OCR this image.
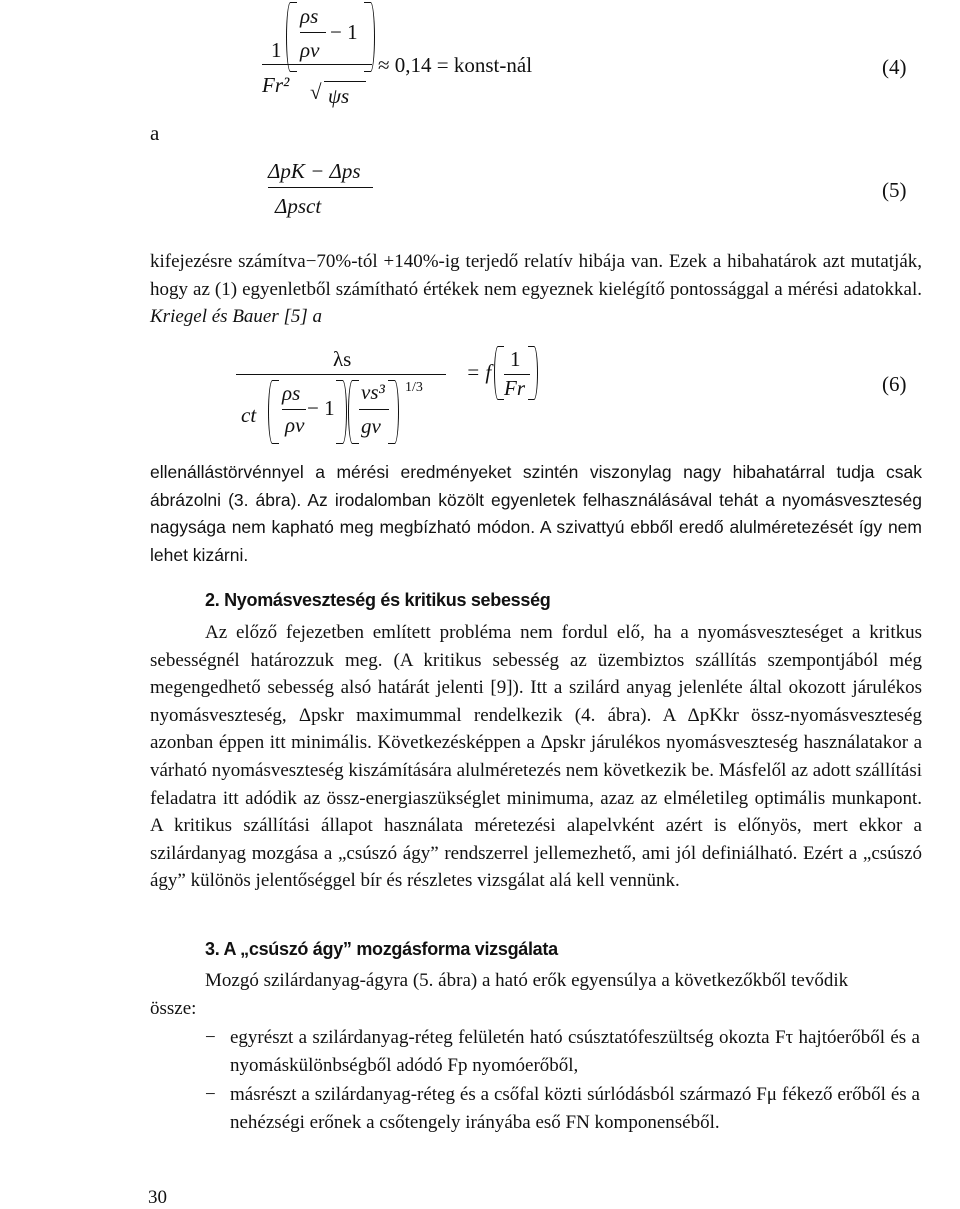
ρs
− 1
1 ρv
Fr² √ ψs
≈ 0,14 = konst-nál	(4)
a
ΔpK − Δps
Δpsct
(5)

kifejezésre számítva−70%-tól +140%-ig terjedő relatív hibája van. Ezek a hibahatárok azt mutatják, hogy az (1) egyenletből számítható értékek nem egyeznek kielégítő pontossággal a mérési adatokkal. Kriegel és Bauer [5] a

λs
ct
ρs
− 1
ρv
vs³
gv
1/3
= f
1
Fr	(6)
ellenállástörvénnyel a mérési eredményeket szintén viszonylag nagy hibahatárral tudja csak ábrázolni (3. ábra). Az irodalomban közölt egyenletek felhasználásával tehát a nyomásveszteség nagysága nem kapható meg megbízható módon. A szivattyú ebből eredő alulméretezését így nem lehet kizárni.
2. Nyomásveszteség és kritikus sebesség
Az előző fejezetben említett probléma nem fordul elő, ha a nyomásveszteséget a kritkus sebességnél határozzuk meg. (A kritikus sebesség az üzembiztos szállítás szempontjából még megengedhető sebesség alsó határát jelenti [9]). Itt a szilárd anyag jelenléte által okozott járulékos nyomásveszteség, Δpskr maximummal rendelkezik (4. ábra). A ΔpKkr össz-nyomásveszteség azonban éppen itt minimális. Következésképpen a Δpskr járulékos nyomásveszteség használatakor a várható nyomásveszteség kiszámítására alulméretezés nem következik be. Másfelől az adott szállítási feladatra itt adódik az össz-energiaszükséglet minimuma, azaz az elméletileg optimális munkapont. A kritikus szállítási állapot használata méretezési alapelvként azért is előnyös, mert ekkor a szilárdanyag mozgása a „csúszó ágy” rendszerrel jellemezhető, ami jól definiálható. Ezért a „csúszó ágy” különös jelentőséggel bír és részletes vizsgálat alá kell vennünk.
3. A „csúszó ágy” mozgásforma vizsgálata
Mozgó szilárdanyag-ágyra (5. ábra) a ható erők egyensúlya a következőkből tevődik
össze:
− egyrészt a szilárdanyag-réteg felületén ható csúsztatófeszültség okozta Fτ hajtóerőből és a nyomáskülönbségből adódó Fp nyomóerőből,
− másrészt a szilárdanyag-réteg és a csőfal közti súrlódásból származó Fμ fékező erőből és a nehézségi erőnek a csőtengely irányába eső FN komponenséből.
30
